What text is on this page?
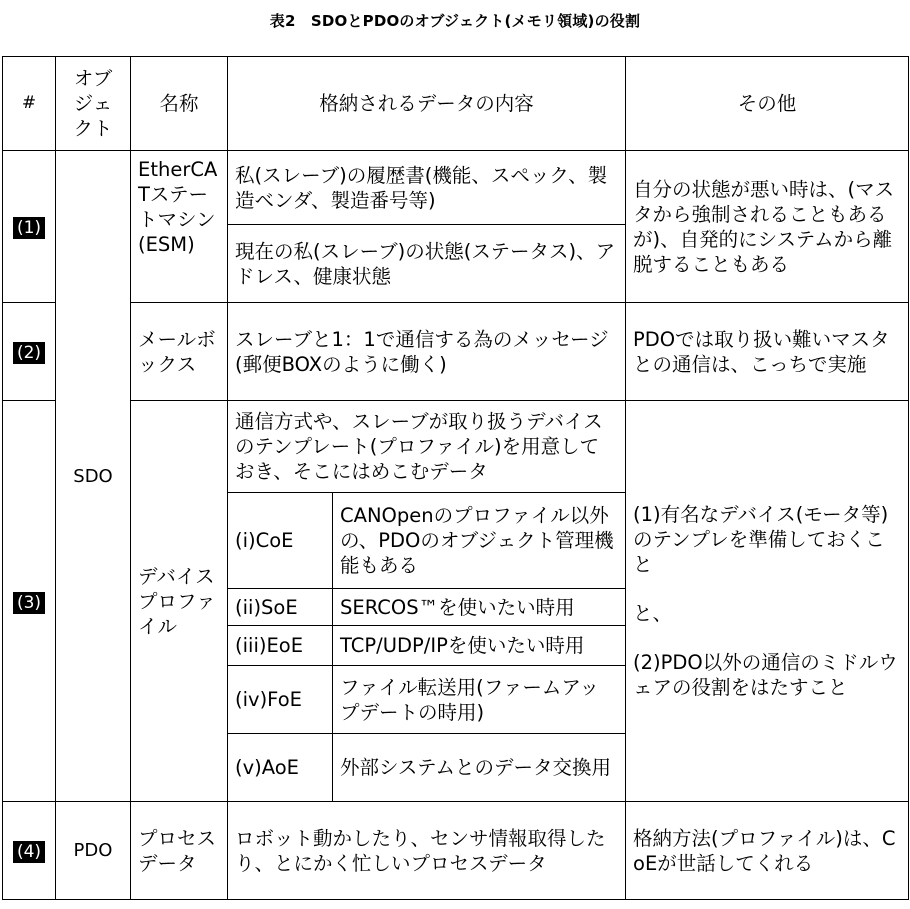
表2　SDOとPDOのオブジェクト(メモリ領域)の役割
#	オブジェクト	名称	格納されるデータの内容		その他
(1)	SDO	EtherCATステートマシン(ESM)	私(スレーブ)の履歴書(機能、スペック、製造ベンダ、製造番号等)		自分の状態が悪い時は、(マスタから強制されることもあるが)、自発的にシステムから離脱することもある
			現在の私(スレーブ)の状態(ステータス)、アドレス、健康状態		
(2)		メールボックス	スレーブと1：1で通信する為のメッセージ(郵便BOXのように働く)		PDOでは取り扱い難いマスタとの通信は、こっちで実施
(3)		デバイスプロファイル	通信方式や、スレーブが取り扱うデバイスのテンプレート(プロファイル)を用意しておき、そこにはめこむデータ		(1)有名なデバイス(モータ等)のテンプレを準備しておくこと
と、
(2)PDO以外の通信のミドルウェアの役割をはたすこと

			(i)CoE	CANOpenのプロファイル以外の、PDOのオブジェクト管理機能もある	
			(ii)SoE	SERCOS™を使いたい時用	
			(iii)EoE	TCP/UDP/IPを使いたい時用	
			(iv)FoE	ファイル転送用(ファームアップデートの時用)	
			(v)AoE	外部システムとのデータ交換用	
(4)	PDO	プロセスデータ	ロボット動かしたり、センサ情報取得したり、とにかく忙しいプロセスデータ		格納方法(プロファイル)は、CoEが世話してくれる
